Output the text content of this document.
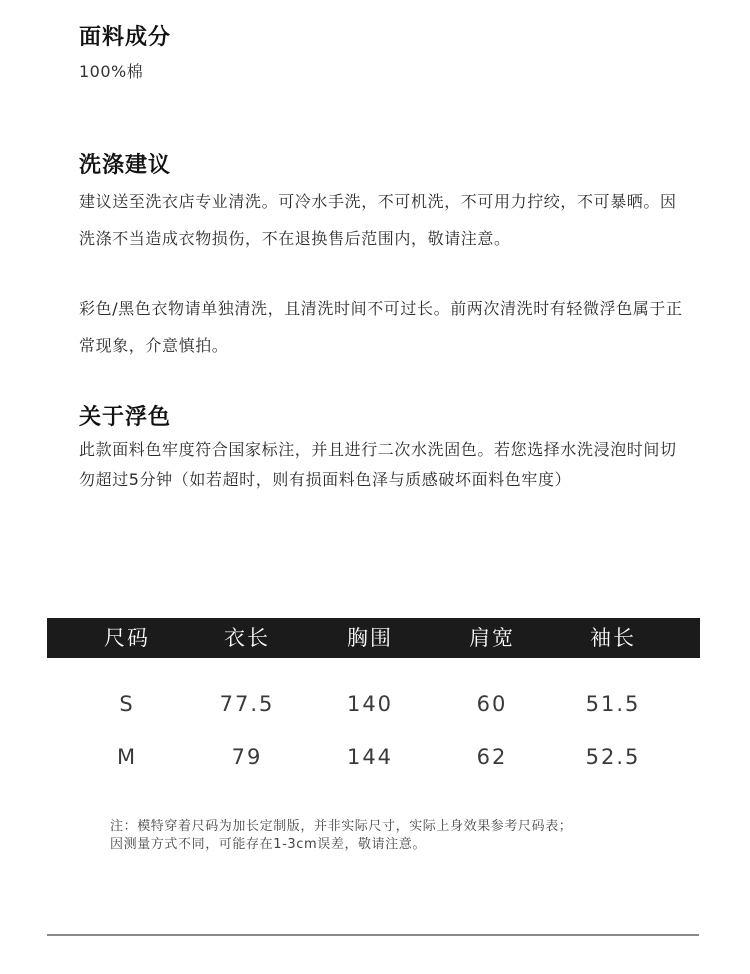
面料成分
100%棉
洗涤建议

建议送至洗衣店专业清洗。可冷水手洗，不可机洗，不可用力拧绞，不可暴晒。因洗涤不当造成衣物损伤，不在退换售后范围内，敬请注意。

彩色/黑色衣物请单独清洗，且清洗时间不可过长。前两次清洗时有轻微浮色属于正常现象，介意慎拍。

关于浮色

此款面料色牢度符合国家标注，并且进行二次水洗固色。若您选择水洗浸泡时间切勿超过5分钟（如若超时，则有损面料色泽与质感破坏面料色牢度）

尺码	衣长	胸围	肩宽	袖长
S	77.5	140	60	51.5
M	79	144	62	52.5
注：模特穿着尺码为加长定制版，并非实际尺寸，实际上身效果参考尺码表；
因测量方式不同，可能存在1-3cm误差，敬请注意。
